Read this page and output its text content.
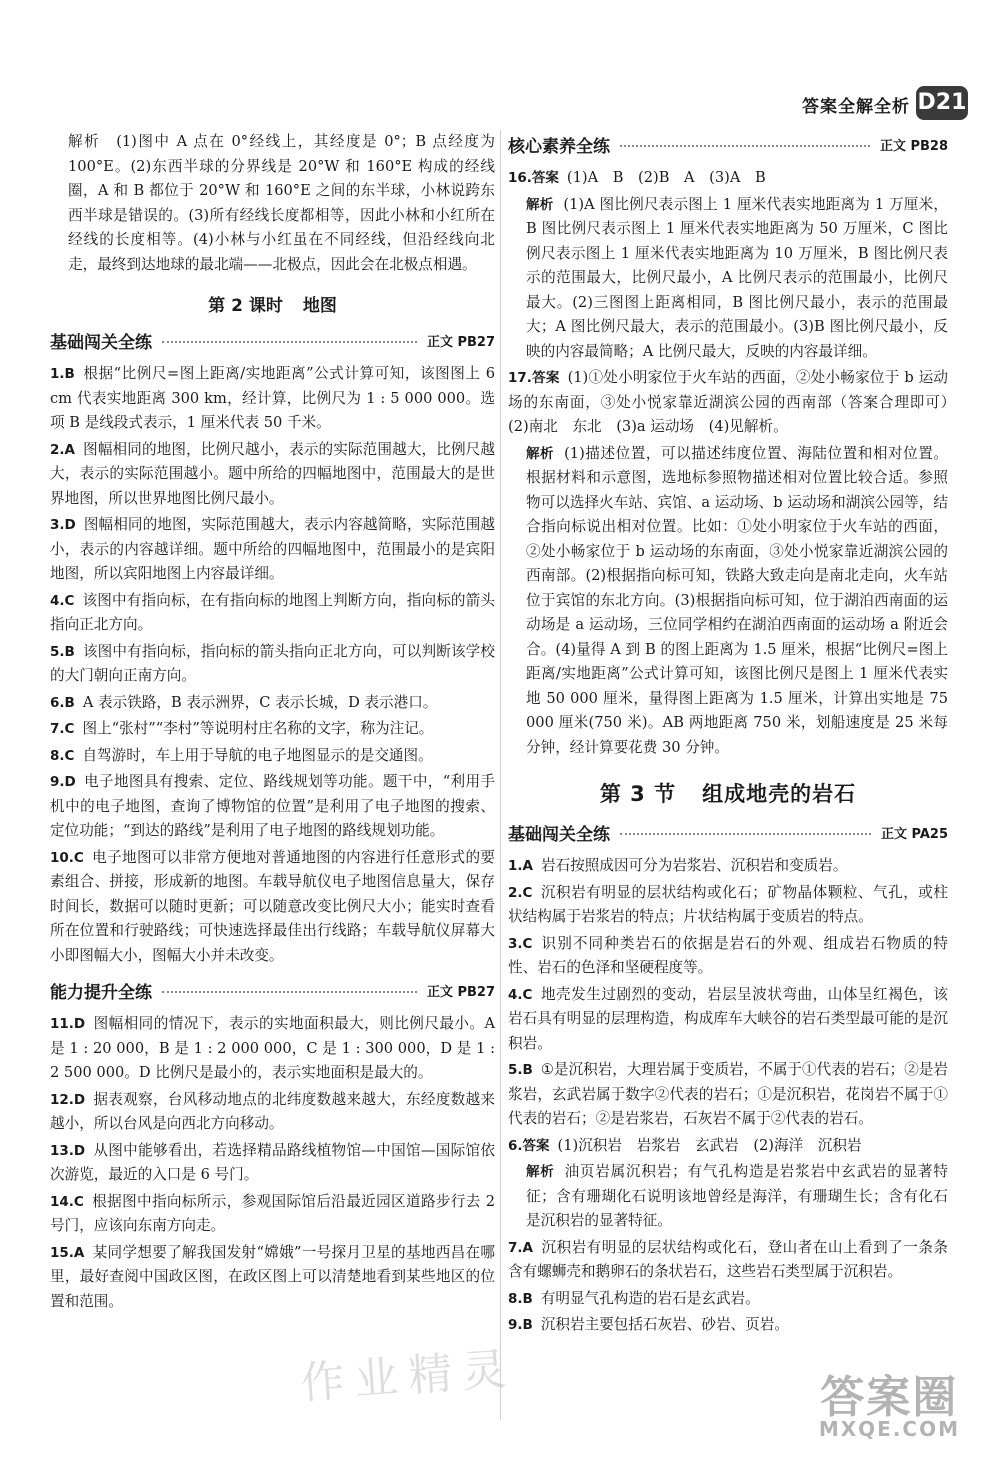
答案全解全析 D21

解析　(1)图中 A 点在 0°经线上，其经度是 0°；B 点经度为 100°E。(2)东西半球的分界线是 20°W 和 160°E 构成的经线圈，A 和 B 都位于 20°W 和 160°E 之间的东半球，小林说跨东西半球是错误的。(3)所有经线长度都相等，因此小林和小红所在经线的长度相等。(4)小林与小红虽在不同经线，但沿经线向北走，最终到达地球的最北端——北极点，因此会在北极点相遇。

第 2 课时 地图
基础闯关全练	正文 PB27

1.B 根据“比例尺=图上距离/实地距离”公式计算可知，该图图上 6 cm 代表实地距离 300 km，经计算，比例尺为 1 : 5 000 000。选项 B 是线段式表示，1 厘米代表 50 千米。

2.A 图幅相同的地图，比例尺越小，表示的实际范围越大，比例尺越大，表示的实际范围越小。题中所给的四幅地图中，范围最大的是世界地图，所以世界地图比例尺最小。

3.D 图幅相同的地图，实际范围越大，表示内容越简略，实际范围越小，表示的内容越详细。题中所给的四幅地图中，范围最小的是宾阳地图，所以宾阳地图上内容最详细。

4.C 该图中有指向标，在有指向标的地图上判断方向，指向标的箭头指向正北方向。

5.B 该图中有指向标，指向标的箭头指向正北方向，可以判断该学校的大门朝向正南方向。

6.B A 表示铁路，B 表示洲界，C 表示长城，D 表示港口。

7.C 图上“张村”“李村”等说明村庄名称的文字，称为注记。

8.C 自驾游时，车上用于导航的电子地图显示的是交通图。

9.D 电子地图具有搜索、定位、路线规划等功能。题干中，“利用手机中的电子地图，查询了博物馆的位置”是利用了电子地图的搜索、定位功能；“到达的路线”是利用了电子地图的路线规划功能。

10.C 电子地图可以非常方便地对普通地图的内容进行任意形式的要素组合、拼接，形成新的地图。车载导航仪电子地图信息量大，保存时间长，数据可以随时更新；可以随意改变比例尺大小；能实时查看所在位置和行驶路线；可快速选择最佳出行线路；车载导航仪屏幕大小即图幅大小，图幅大小并未改变。

能力提升全练	正文 PB27

11.D 图幅相同的情况下，表示的实地面积最大，则比例尺最小。A 是 1 : 20 000，B 是 1 : 2 000 000，C 是 1 : 300 000，D 是 1 : 2 500 000。D 比例尺是最小的，表示实地面积是最大的。

12.D 据表观察，台风移动地点的北纬度数越来越大，东经度数越来越小，所以台风是向西北方向移动。

13.D 从图中能够看出，若选择精品路线植物馆—中国馆—国际馆依次游览，最近的入口是 6 号门。

14.C 根据图中指向标所示，参观国际馆后沿最近园区道路步行去 2 号门，应该向东南方向走。

15.A 某同学想要了解我国发射“嫦娥”一号探月卫星的基地西昌在哪里，最好查阅中国政区图，在政区图上可以清楚地看到某些地区的位置和范围。

核心素养全练	正文 PB28

16.答案 (1)A　B　(2)B　A　(3)A　B

解析 (1)A 图比例尺表示图上 1 厘米代表实地距离为 1 万厘米，B 图比例尺表示图上 1 厘米代表实地距离为 50 万厘米，C 图比例尺表示图上 1 厘米代表实地距离为 10 万厘米，B 图比例尺表示的范围最大，比例尺最小，A 比例尺表示的范围最小，比例尺最大。(2)三图图上距离相同，B 图比例尺最小，表示的范围最大；A 图比例尺最大，表示的范围最小。(3)B 图比例尺最小，反映的内容最简略；A 比例尺最大，反映的内容最详细。

17.答案 (1)①处小明家位于火车站的西面，②处小畅家位于 b 运动场的东南面，③处小悦家靠近湖滨公园的西南部（答案合理即可）　(2)南北　东北　(3)a 运动场　(4)见解析。

解析 (1)描述位置，可以描述纬度位置、海陆位置和相对位置。根据材料和示意图，选地标参照物描述相对位置比较合适。参照物可以选择火车站、宾馆、a 运动场、b 运动场和湖滨公园等，结合指向标说出相对位置。比如：①处小明家位于火车站的西面，②处小畅家位于 b 运动场的东南面，③处小悦家靠近湖滨公园的西南部。(2)根据指向标可知，铁路大致走向是南北走向，火车站位于宾馆的东北方向。(3)根据指向标可知，位于湖泊西南面的运动场是 a 运动场，三位同学相约在湖泊西南面的运动场 a 附近会合。(4)量得 A 到 B 的图上距离为 1.5 厘米，根据“比例尺=图上距离/实地距离”公式计算可知，该图比例尺是图上 1 厘米代表实地 50 000 厘米，量得图上距离为 1.5 厘米，计算出实地是 75 000 厘米(750 米)。AB 两地距离 750 米，划船速度是 25 米每分钟，经计算要花费 30 分钟。

第 3 节 组成地壳的岩石
基础闯关全练	正文 PA25

1.A 岩石按照成因可分为岩浆岩、沉积岩和变质岩。

2.C 沉积岩有明显的层状结构或化石；矿物晶体颗粒、气孔，或柱状结构属于岩浆岩的特点；片状结构属于变质岩的特点。

3.C 识别不同种类岩石的依据是岩石的外观、组成岩石物质的特性、岩石的色泽和坚硬程度等。

4.C 地壳发生过剧烈的变动，岩层呈波状弯曲，山体呈红褐色，该岩石具有明显的层理构造，构成库车大峡谷的岩石类型最可能的是沉积岩。

5.B ①是沉积岩，大理岩属于变质岩，不属于①代表的岩石；②是岩浆岩，玄武岩属于数字②代表的岩石；①是沉积岩，花岗岩不属于①代表的岩石；②是岩浆岩，石灰岩不属于②代表的岩石。

6.答案 (1)沉积岩　岩浆岩　玄武岩　(2)海洋　沉积岩

解析 油页岩属沉积岩；有气孔构造是岩浆岩中玄武岩的显著特征；含有珊瑚化石说明该地曾经是海洋，有珊瑚生长；含有化石是沉积岩的显著特征。

7.A 沉积岩有明显的层状结构或化石，登山者在山上看到了一条条含有螺蛳壳和鹅卵石的条状岩石，这些岩石类型属于沉积岩。

8.B 有明显气孔构造的岩石是玄武岩。

9.B 沉积岩主要包括石灰岩、砂岩、页岩。

作业精灵	答案圈
MXQE.COM
